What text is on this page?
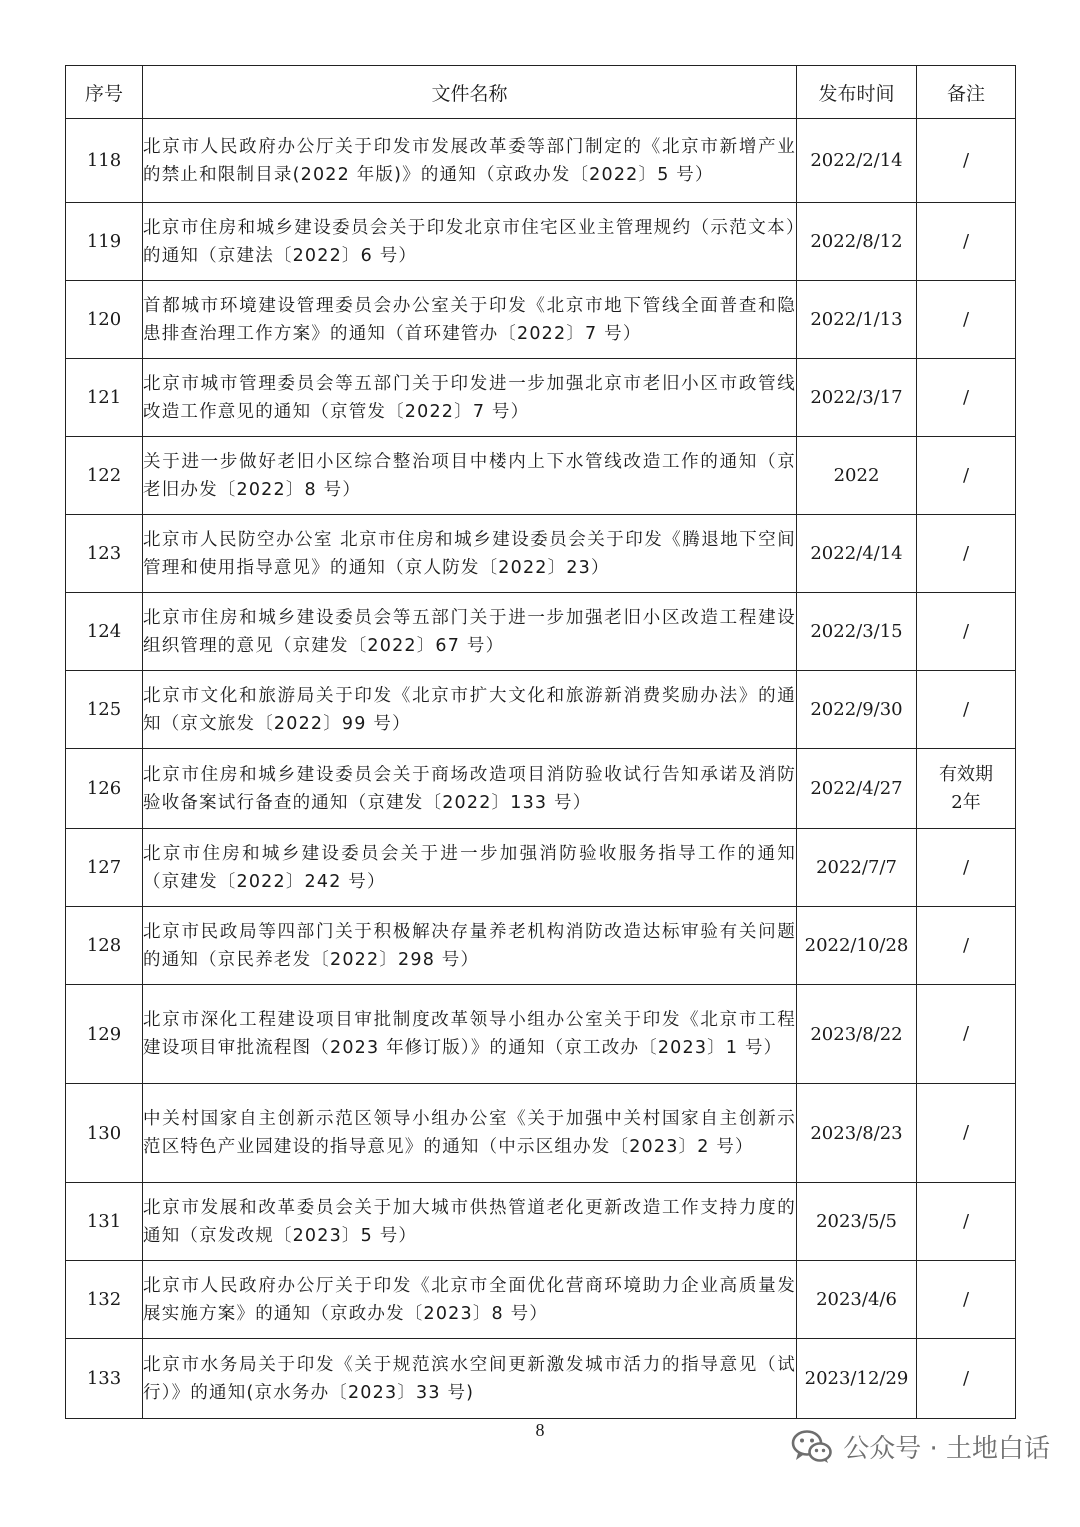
序号	文件名称	发布时间	备注
118	北京市人民政府办公厅关于印发市发展改革委等部门制定的《北京市新增产业的禁止和限制目录(2022 年版)》的通知（京政办发〔2022〕5 号）	2022/2/14	/
119	北京市住房和城乡建设委员会关于印发北京市住宅区业主管理规约（示范文本）的通知（京建法〔2022〕6 号）	2022/8/12	/
120	首都城市环境建设管理委员会办公室关于印发《北京市地下管线全面普查和隐患排查治理工作方案》的通知（首环建管办〔2022〕7 号）	2022/1/13	/
121	北京市城市管理委员会等五部门关于印发进一步加强北京市老旧小区市政管线改造工作意见的通知（京管发〔2022〕7 号）	2022/3/17	/
122	关于进一步做好老旧小区综合整治项目中楼内上下水管线改造工作的通知（京老旧办发〔2022〕8 号）	2022	/
123	北京市人民防空办公室 北京市住房和城乡建设委员会关于印发《腾退地下空间管理和使用指导意见》的通知（京人防发〔2022〕23）	2022/4/14	/
124	北京市住房和城乡建设委员会等五部门关于进一步加强老旧小区改造工程建设组织管理的意见（京建发〔2022〕67 号）	2022/3/15	/
125	北京市文化和旅游局关于印发《北京市扩大文化和旅游新消费奖励办法》的通知（京文旅发〔2022〕99 号）	2022/9/30	/
126	北京市住房和城乡建设委员会关于商场改造项目消防验收试行告知承诺及消防验收备案试行备查的通知（京建发〔2022〕133 号）	2022/4/27	有效期 2年
127	北京市住房和城乡建设委员会关于进一步加强消防验收服务指导工作的通知（京建发〔2022〕242 号）	2022/7/7	/
128	北京市民政局等四部门关于积极解决存量养老机构消防改造达标审验有关问题的通知（京民养老发〔2022〕298 号）	2022/10/28	/
129	北京市深化工程建设项目审批制度改革领导小组办公室关于印发《北京市工程建设项目审批流程图（2023 年修订版）》的通知（京工改办〔2023〕1 号）	2023/8/22	/
130	中关村国家自主创新示范区领导小组办公室《关于加强中关村国家自主创新示范区特色产业园建设的指导意见》的通知（中示区组办发〔2023〕2 号）	2023/8/23	/
131	北京市发展和改革委员会关于加大城市供热管道老化更新改造工作支持力度的通知（京发改规〔2023〕5 号）	2023/5/5	/
132	北京市人民政府办公厅关于印发《北京市全面优化营商环境助力企业高质量发展实施方案》的通知（京政办发〔2023〕8 号）	2023/4/6	/
133	北京市水务局关于印发《关于规范滨水空间更新激发城市活力的指导意见（试行）》的通知(京水务办〔2023〕33 号)	2023/12/29	/
8
公众号 · 土地白话
